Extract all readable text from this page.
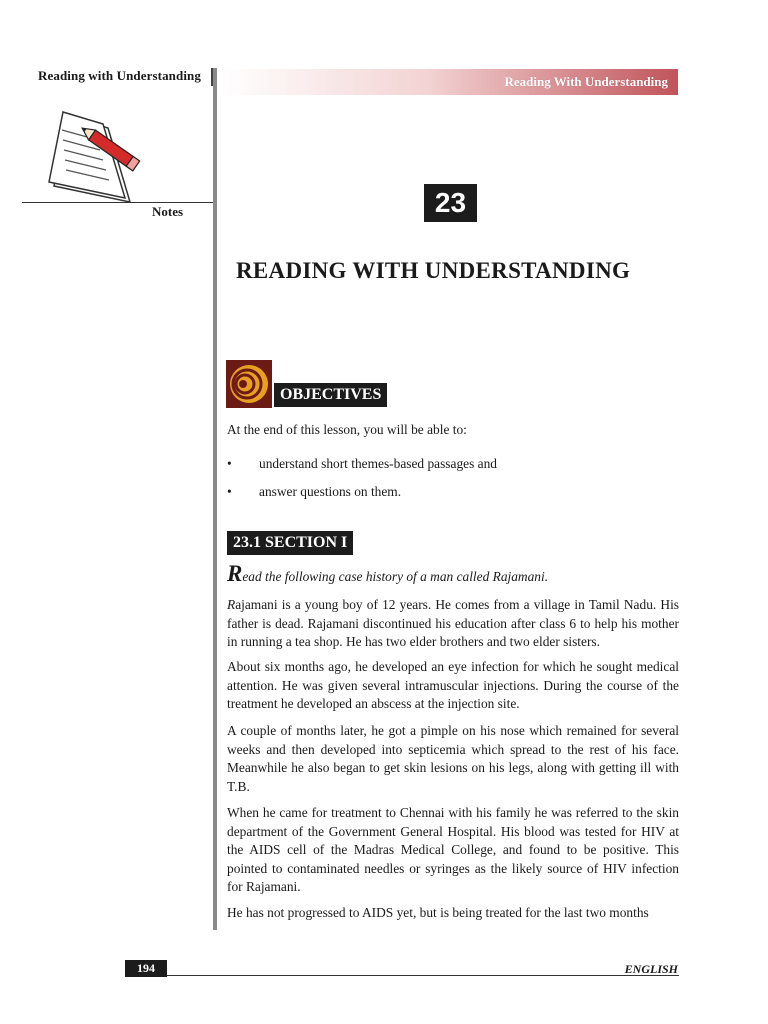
Reading with Understanding	Reading With Understanding
Notes	23
READING WITH UNDERSTANDING
OBJECTIVES
At the end of this lesson, you will be able to:
• understand short themes-based passages and
• answer questions on them.
23.1 SECTION I
Read the following case history of a man called Rajamani.
Rajamani is a young boy of 12 years. He comes from a village in Tamil Nadu. His father is dead. Rajamani discontinued his education after class 6 to help his mother in running a tea shop. He has two elder brothers and two elder sisters.
About six months ago, he developed an eye infection for which he sought medical attention. He was given several intramuscular injections. During the course of the treatment he developed an abscess at the injection site.
A couple of months later, he got a pimple on his nose which remained for several weeks and then developed into septicemia which spread to the rest of his face. Meanwhile he also began to get skin lesions on his legs, along with getting ill with T.B.
When he came for treatment to Chennai with his family he was referred to the skin department of the Government General Hospital. His blood was tested for HIV at the AIDS cell of the Madras Medical College, and found to be positive. This pointed to contaminated needles or syringes as the likely source of HIV infection for Rajamani.
He has not progressed to AIDS yet, but is being treated for the last two months
194	ENGLISH
